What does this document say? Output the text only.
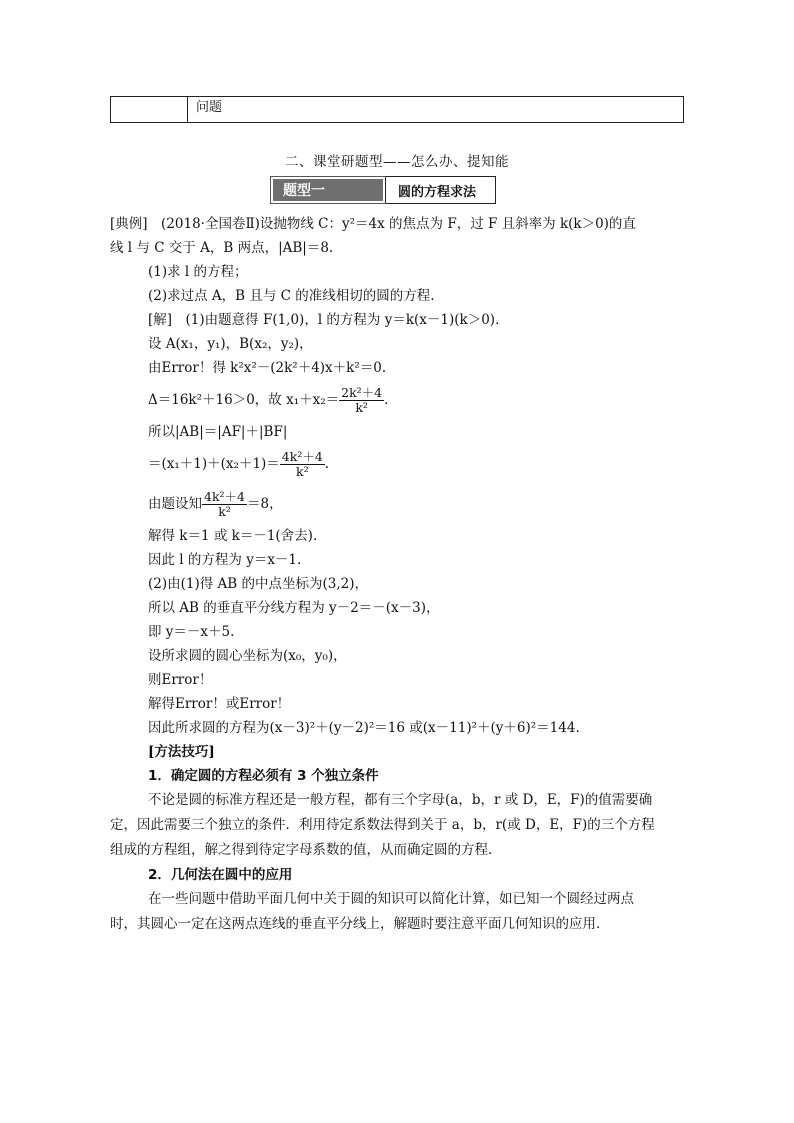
问题
二、课堂研题型——怎么办、提知能
题型一	圆的方程求法
[典例]　(2018·全国卷Ⅱ)设抛物线 C：y²＝4x 的焦点为 F，过 F 且斜率为 k(k＞0)的直
线 l 与 C 交于 A，B 两点，|AB|＝8.
(1)求 l 的方程；
(2)求过点 A，B 且与 C 的准线相切的圆的方程.
[解]　(1)由题意得 F(1,0)，l 的方程为 y＝k(x－1)(k＞0).
设 A(x₁，y₁)，B(x₂，y₂)，
由Error！得 k²x²－(2k²＋4)x＋k²＝0.
Δ＝16k²＋16＞0，故 $x_1+x_2= \frac{\text{2k²＋4}}{\text{k²}}$ .
所以|AB|＝|AF|＋|BF|
$=(x_1+1)+(x_2+1)= \frac{\text{4k²＋4}}{\text{k²}}$ .
由题设知 $\frac{\text{4k²＋4}}{\text{k²}} =8$，
解得 k＝1 或 k＝－1(舍去).
因此 l 的方程为 y＝x－1.
(2)由(1)得 AB 的中点坐标为(3,2)，
所以 AB 的垂直平分线方程为 y－2＝－(x－3)，
即 y＝－x＋5.
设所求圆的圆心坐标为(x₀，y₀)，
则Error！
解得Error！或Error！
因此所求圆的方程为(x－3)²＋(y－2)²＝16 或(x－11)²＋(y＋6)²＝144.
[方法技巧]
1．确定圆的方程必须有 3 个独立条件
不论是圆的标准方程还是一般方程，都有三个字母(a，b，r 或 D，E，F)的值需要确定，因此需要三个独立的条件．利用待定系数法得到关于 a，b，r(或 D，E，F)的三个方程组成的方程组，解之得到待定字母系数的值，从而确定圆的方程．
2．几何法在圆中的应用
在一些问题中借助平面几何中关于圆的知识可以简化计算，如已知一个圆经过两点时，其圆心一定在这两点连线的垂直平分线上，解题时要注意平面几何知识的应用．
